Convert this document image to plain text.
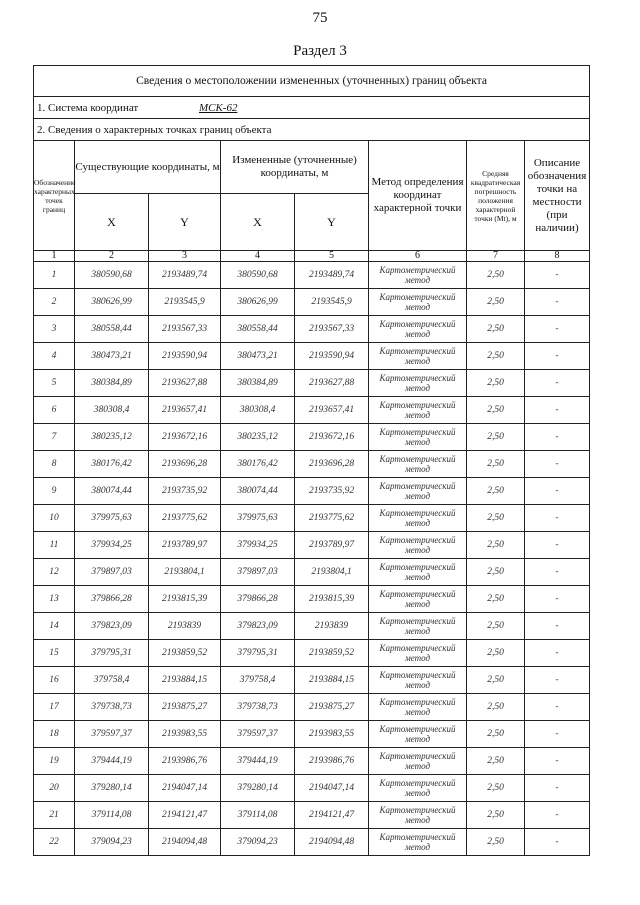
75
Раздел 3
Сведения о местоположении измененных (уточненных) границ объекта							
1. Система координат МСК-62							
2. Сведения о характерных точках границ объекта							
Обозначение характерных точек границ	Существующие координаты, м		Измененные (уточненные) координаты, м		Метод определения координат характерной точки	Средняя квадратическая погрешность положения характерной точки (Мt), м	Описание обозначения точки на местности (при наличии)
	X	Y	X	Y			
1	2	3	4	5	6	7	8
1	380590,68	2193489,74	380590,68	2193489,74	Картометрический метод	2,50	-
2	380626,99	2193545,9	380626,99	2193545,9	Картометрический метод	2,50	-
3	380558,44	2193567,33	380558,44	2193567,33	Картометрический метод	2,50	-
4	380473,21	2193590,94	380473,21	2193590,94	Картометрический метод	2,50	-
5	380384,89	2193627,88	380384,89	2193627,88	Картометрический метод	2,50	-
6	380308,4	2193657,41	380308,4	2193657,41	Картометрический метод	2,50	-
7	380235,12	2193672,16	380235,12	2193672,16	Картометрический метод	2,50	-
8	380176,42	2193696,28	380176,42	2193696,28	Картометрический метод	2,50	-
9	380074,44	2193735,92	380074,44	2193735,92	Картометрический метод	2,50	-
10	379975,63	2193775,62	379975,63	2193775,62	Картометрический метод	2,50	-
11	379934,25	2193789,97	379934,25	2193789,97	Картометрический метод	2,50	-
12	379897,03	2193804,1	379897,03	2193804,1	Картометрический метод	2,50	-
13	379866,28	2193815,39	379866,28	2193815,39	Картометрический метод	2,50	-
14	379823,09	2193839	379823,09	2193839	Картометрический метод	2,50	-
15	379795,31	2193859,52	379795,31	2193859,52	Картометрический метод	2,50	-
16	379758,4	2193884,15	379758,4	2193884,15	Картометрический метод	2,50	-
17	379738,73	2193875,27	379738,73	2193875,27	Картометрический метод	2,50	-
18	379597,37	2193983,55	379597,37	2193983,55	Картометрический метод	2,50	-
19	379444,19	2193986,76	379444,19	2193986,76	Картометрический метод	2,50	-
20	379280,14	2194047,14	379280,14	2194047,14	Картометрический метод	2,50	-
21	379114,08	2194121,47	379114,08	2194121,47	Картометрический метод	2,50	-
22	379094,23	2194094,48	379094,23	2194094,48	Картометрический метод	2,50	-
